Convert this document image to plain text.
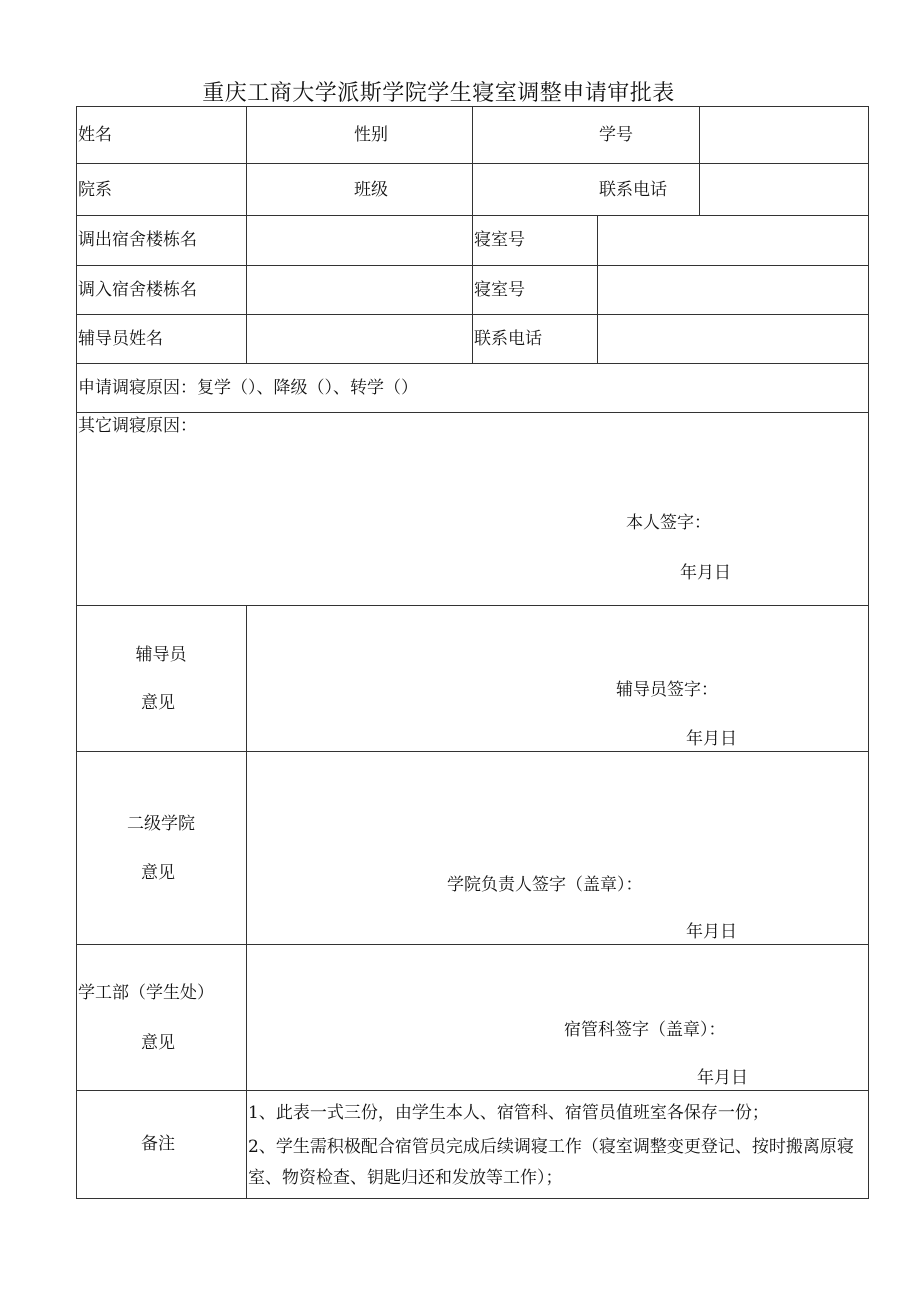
重庆工商大学派斯学院学生寝室调整申请审批表
姓名	性别	学号
院系	班级	联系电话
调出宿舍楼栋名	寝室号
调入宿舍楼栋名	寝室号
辅导员姓名	联系电话
申请调寝原因：复学（）、降级（）、转学（）
其它调寝原因：
本人签字：
年月日
辅导员
意见
辅导员签字：
年月日
二级学院
意见
学院负责人签字（盖章）：
年月日
学工部（学生处）
意见
宿管科签字（盖章）：
年月日
备注
1、此表一式三份，由学生本人、宿管科、宿管员值班室各保存一份；
2、学生需积极配合宿管员完成后续调寝工作（寝室调整变更登记、按时搬离原寝室、物资检查、钥匙归还和发放等工作）；
